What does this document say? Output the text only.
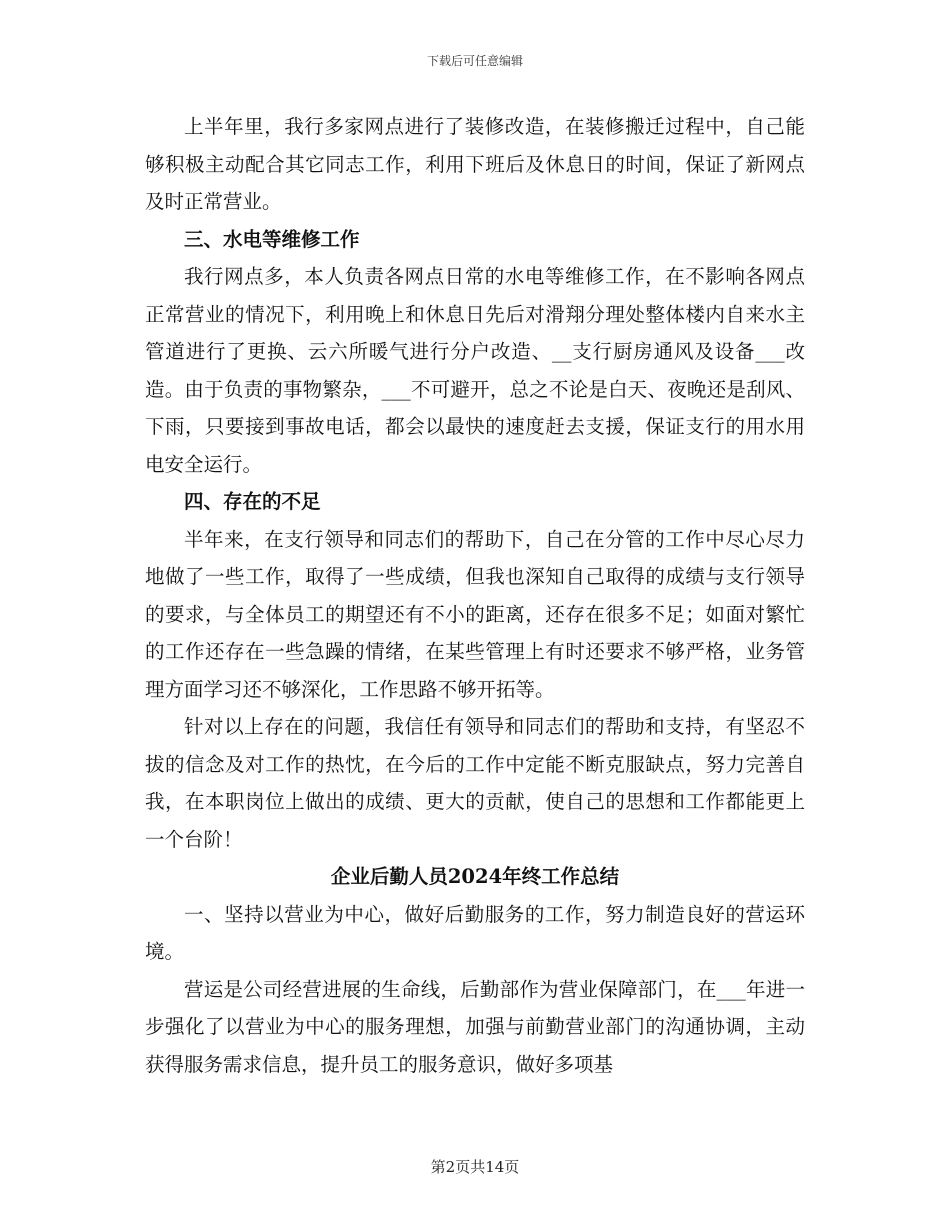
下载后可任意编辑

上半年里，我行多家网点进行了装修改造，在装修搬迁过程中，自己能够积极主动配合其它同志工作，利用下班后及休息日的时间，保证了新网点及时正常营业。

三、水电等维修工作

我行网点多，本人负责各网点日常的水电等维修工作，在不影响各网点正常营业的情况下，利用晚上和休息日先后对滑翔分理处整体楼内自来水主管道进行了更换、云六所暖气进行分户改造、__支行厨房通风及设备___改造。由于负责的事物繁杂，___不可避开，总之不论是白天、夜晚还是刮风、下雨，只要接到事故电话，都会以最快的速度赶去支援，保证支行的用水用电安全运行。

四、存在的不足

半年来，在支行领导和同志们的帮助下，自己在分管的工作中尽心尽力地做了一些工作，取得了一些成绩，但我也深知自己取得的成绩与支行领导的要求，与全体员工的期望还有不小的距离，还存在很多不足；如面对繁忙的工作还存在一些急躁的情绪，在某些管理上有时还要求不够严格，业务管理方面学习还不够深化，工作思路不够开拓等。

针对以上存在的问题，我信任有领导和同志们的帮助和支持，有坚忍不拔的信念及对工作的热忱，在今后的工作中定能不断克服缺点，努力完善自我，在本职岗位上做出的成绩、更大的贡献，使自己的思想和工作都能更上一个台阶！

企业后勤人员2024年终工作总结

一、坚持以营业为中心，做好后勤服务的工作，努力制造良好的营运环境。

营运是公司经营进展的生命线，后勤部作为营业保障部门，在___年进一步强化了以营业为中心的服务理想，加强与前勤营业部门的沟通协调，主动获得服务需求信息，提升员工的服务意识，做好多项基

第2页共14页
